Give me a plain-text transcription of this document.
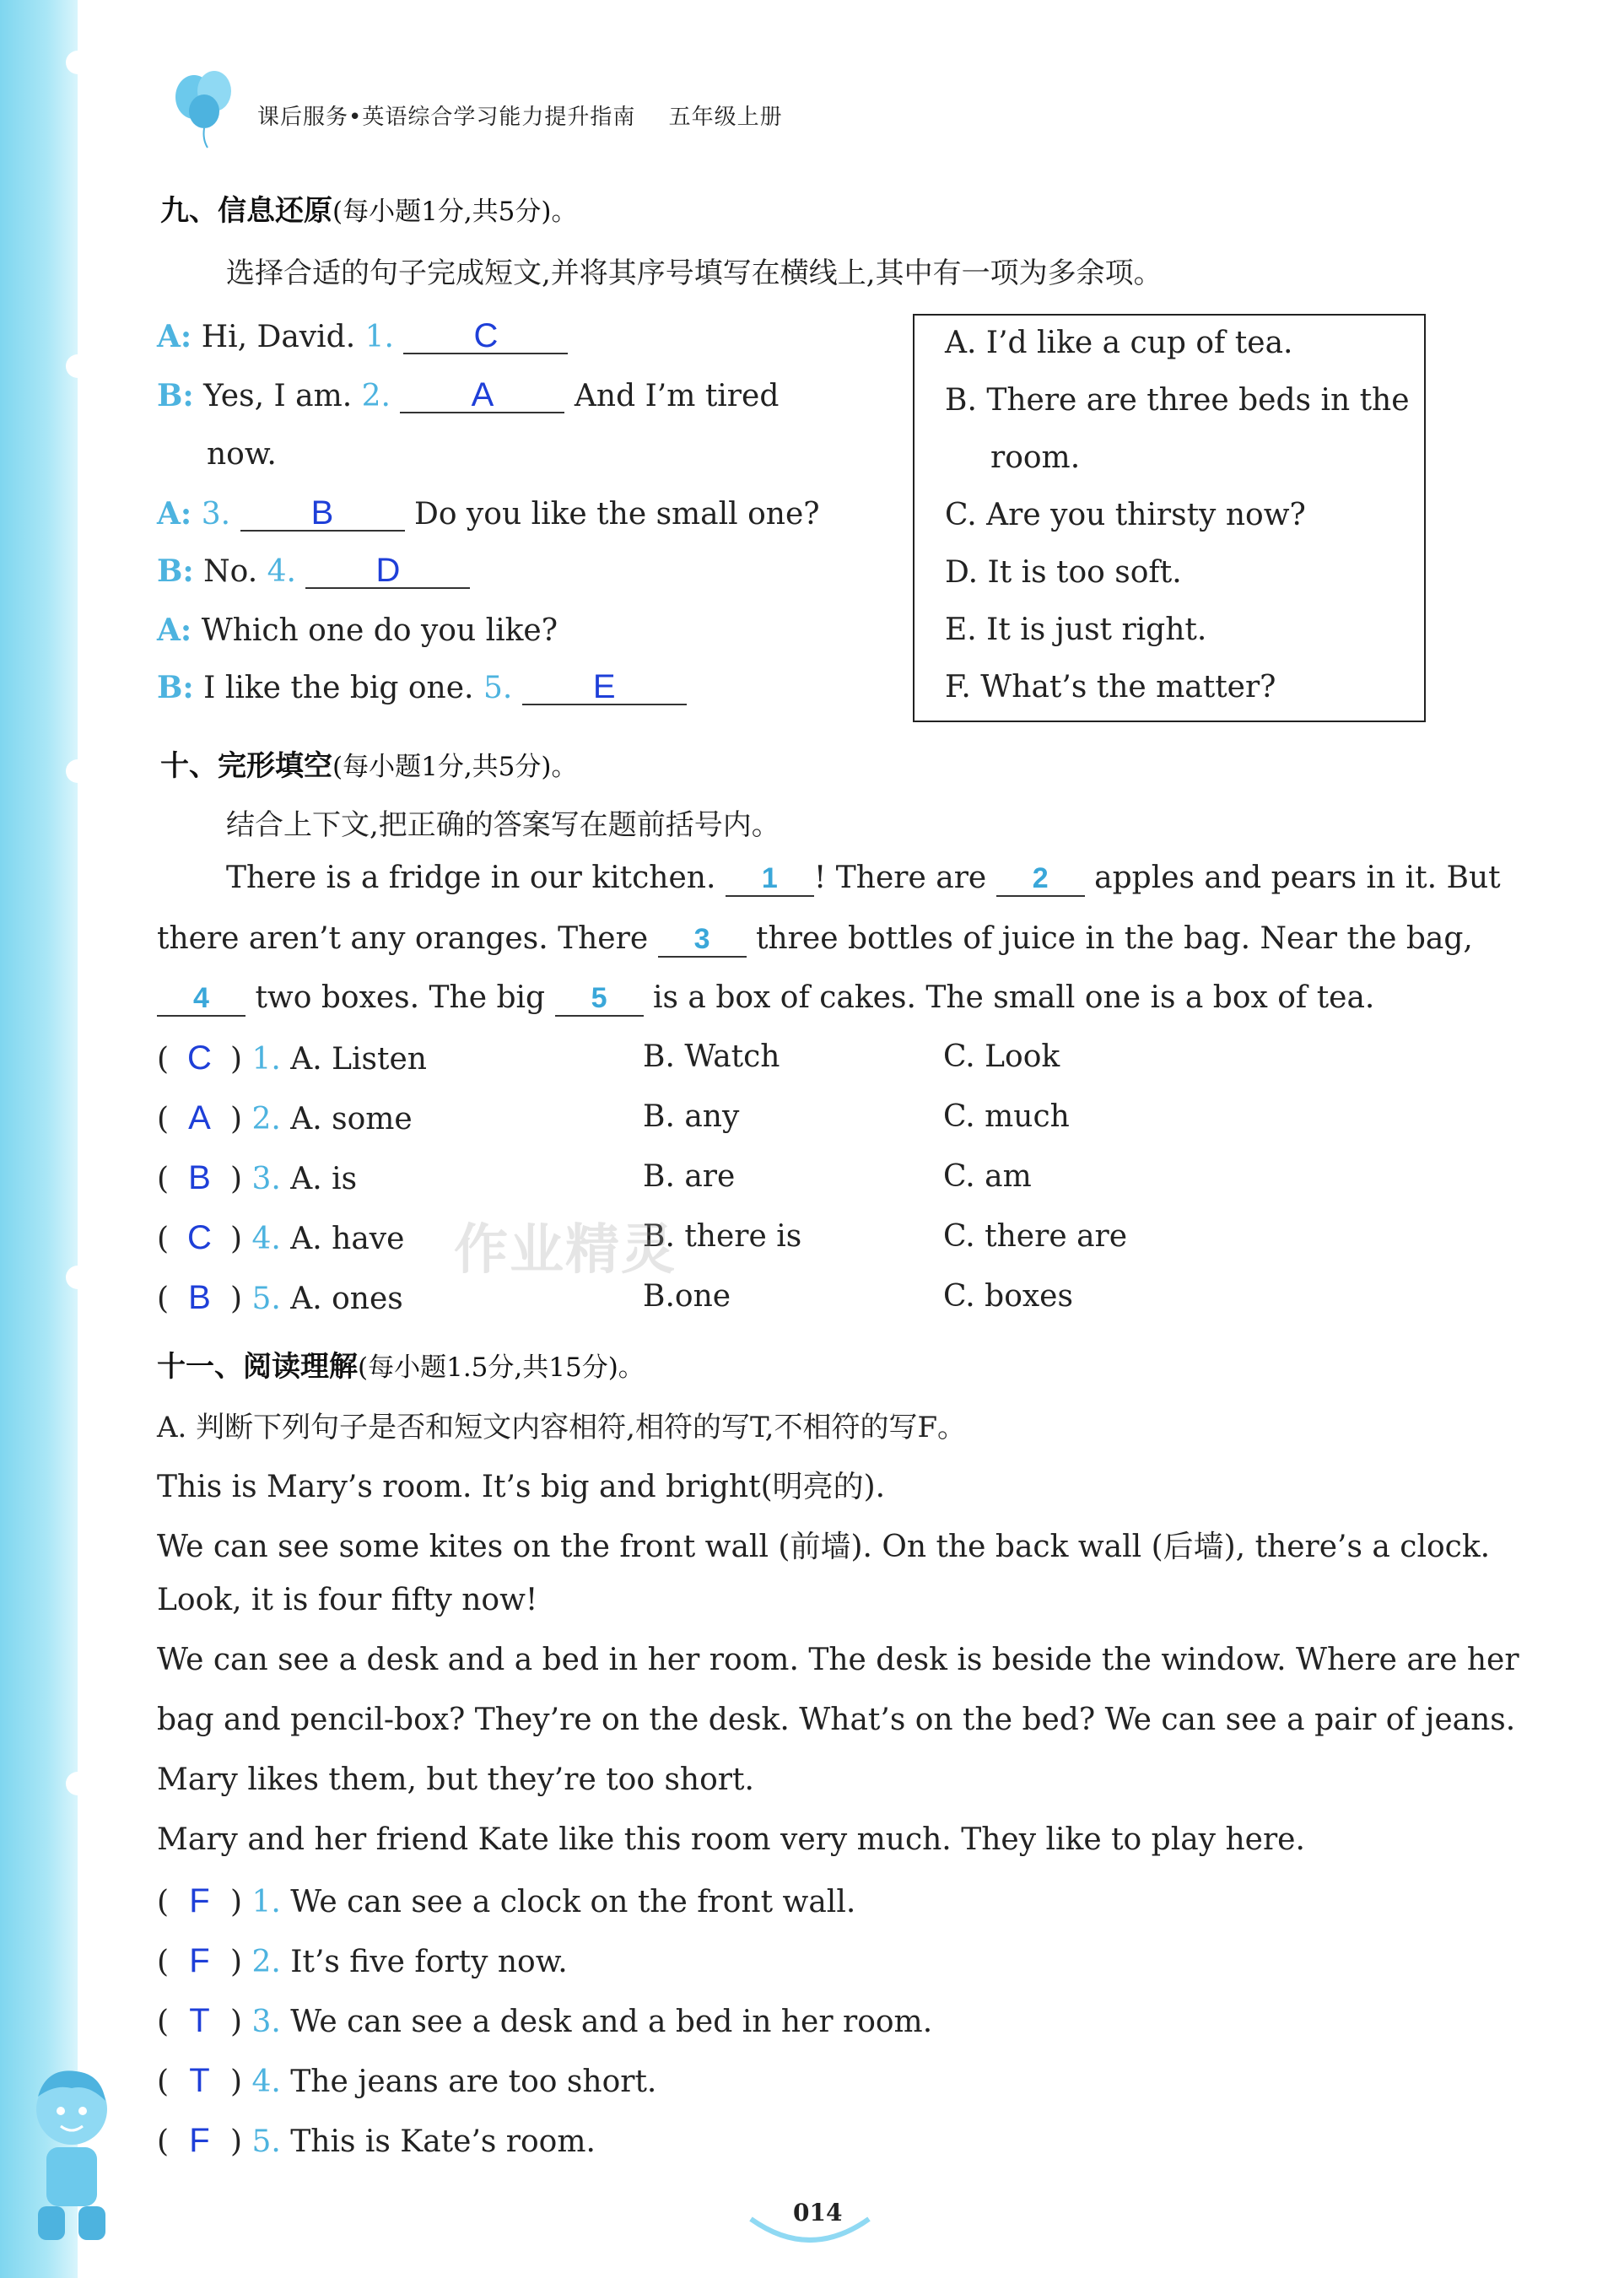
课后服务•英语综合学习能力提升指南 五年级上册
九、信息还原(每小题1分,共5分)。
选择合适的句子完成短文,并将其序号填写在横线上,其中有一项为多余项。
A: Hi, David. 1. C
B: Yes, I am. 2. A	And I’m tired
now.
A: 3. B	Do you like the small one?
B: No. 4. D
A: Which one do you like?
B: I like the big one. 5. E
A. I’d like a cup of tea.
B. There are three beds in the
room.
C. Are you thirsty now?
D. It is too soft.
E. It is just right.
F. What’s the matter?
十、完形填空(每小题1分,共5分)。
结合上下文,把正确的答案写在题前括号内。
There is a fridge in our kitchen. 1 ! There are 2 apples and pears in it. But
there aren’t any oranges. There 3 three bottles of juice in the bag. Near the bag,
4 two boxes. The big 5 is a box of cakes. The small one is a box of tea.
( C ) 1. A. Listen	B. Watch	C. Look
( A ) 2. A. some	B. any	C. much
( B ) 3. A. is	B. are	C. am
( C ) 4. A. have	B. there is	C. there are
( B ) 5. A. ones	B.one	C. boxes
作业精灵
十一、阅读理解(每小题1.5分,共15分)。
A. 判断下列句子是否和短文内容相符,相符的写T,不相符的写F。
This is Mary’s room. It’s big and bright(明亮的).
We can see some kites on the front wall (前墙). On the back wall (后墙), there’s a clock.
Look, it is four fifty now!
We can see a desk and a bed in her room. The desk is beside the window. Where are her
bag and pencil-box? They’re on the desk. What’s on the bed? We can see a pair of jeans.
Mary likes them, but they’re too short.
Mary and her friend Kate like this room very much. They like to play here.
( F ) 1. We can see a clock on the front wall.
( F ) 2. It’s five forty now.
( T ) 3. We can see a desk and a bed in her room.
( T ) 4. The jeans are too short.
( F ) 5. This is Kate’s room.
014
